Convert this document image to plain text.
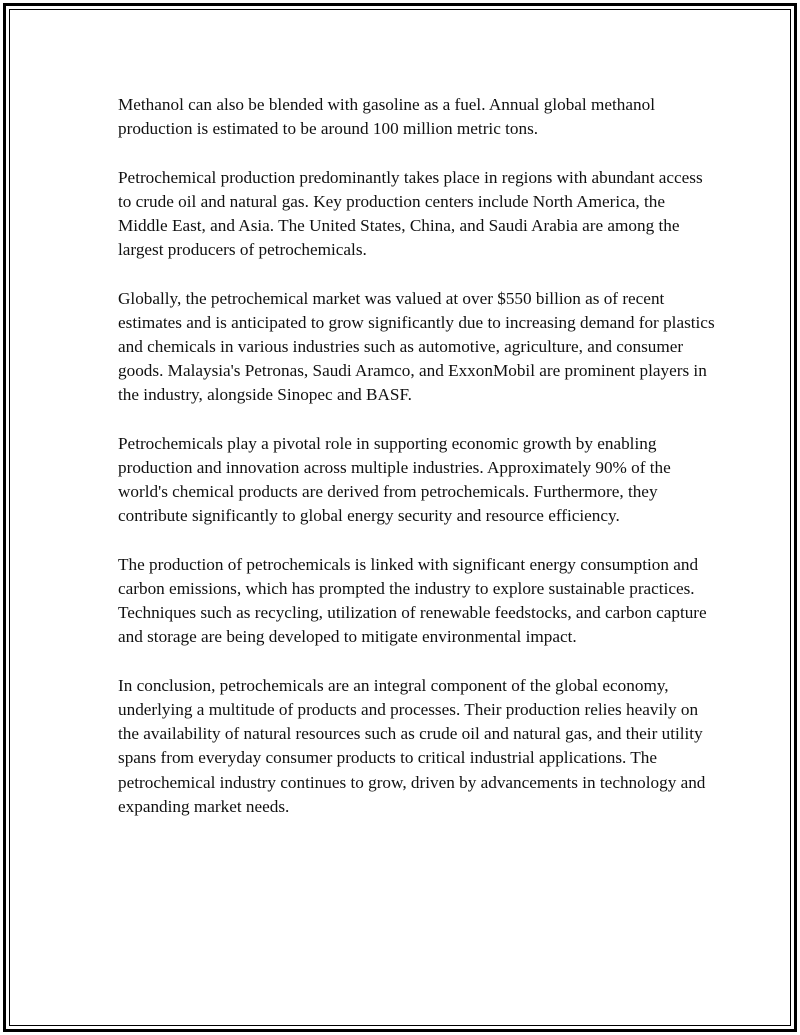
Methanol can also be blended with gasoline as a fuel. Annual global methanol production is estimated to be around 100 million metric tons.

Petrochemical production predominantly takes place in regions with abundant access to crude oil and natural gas. Key production centers include North America, the Middle East, and Asia. The United States, China, and Saudi Arabia are among the largest producers of petrochemicals.

Globally, the petrochemical market was valued at over $550 billion as of recent estimates and is anticipated to grow significantly due to increasing demand for plastics and chemicals in various industries such as automotive, agriculture, and consumer goods. Malaysia's Petronas, Saudi Aramco, and ExxonMobil are prominent players in the industry, alongside Sinopec and BASF.

Petrochemicals play a pivotal role in supporting economic growth by enabling production and innovation across multiple industries. Approximately 90% of the world's chemical products are derived from petrochemicals. Furthermore, they contribute significantly to global energy security and resource efficiency.

The production of petrochemicals is linked with significant energy consumption and carbon emissions, which has prompted the industry to explore sustainable practices. Techniques such as recycling, utilization of renewable feedstocks, and carbon capture and storage are being developed to mitigate environmental impact.

In conclusion, petrochemicals are an integral component of the global economy, underlying a multitude of products and processes. Their production relies heavily on the availability of natural resources such as crude oil and natural gas, and their utility spans from everyday consumer products to critical industrial applications. The petrochemical industry continues to grow, driven by advancements in technology and expanding market needs.
